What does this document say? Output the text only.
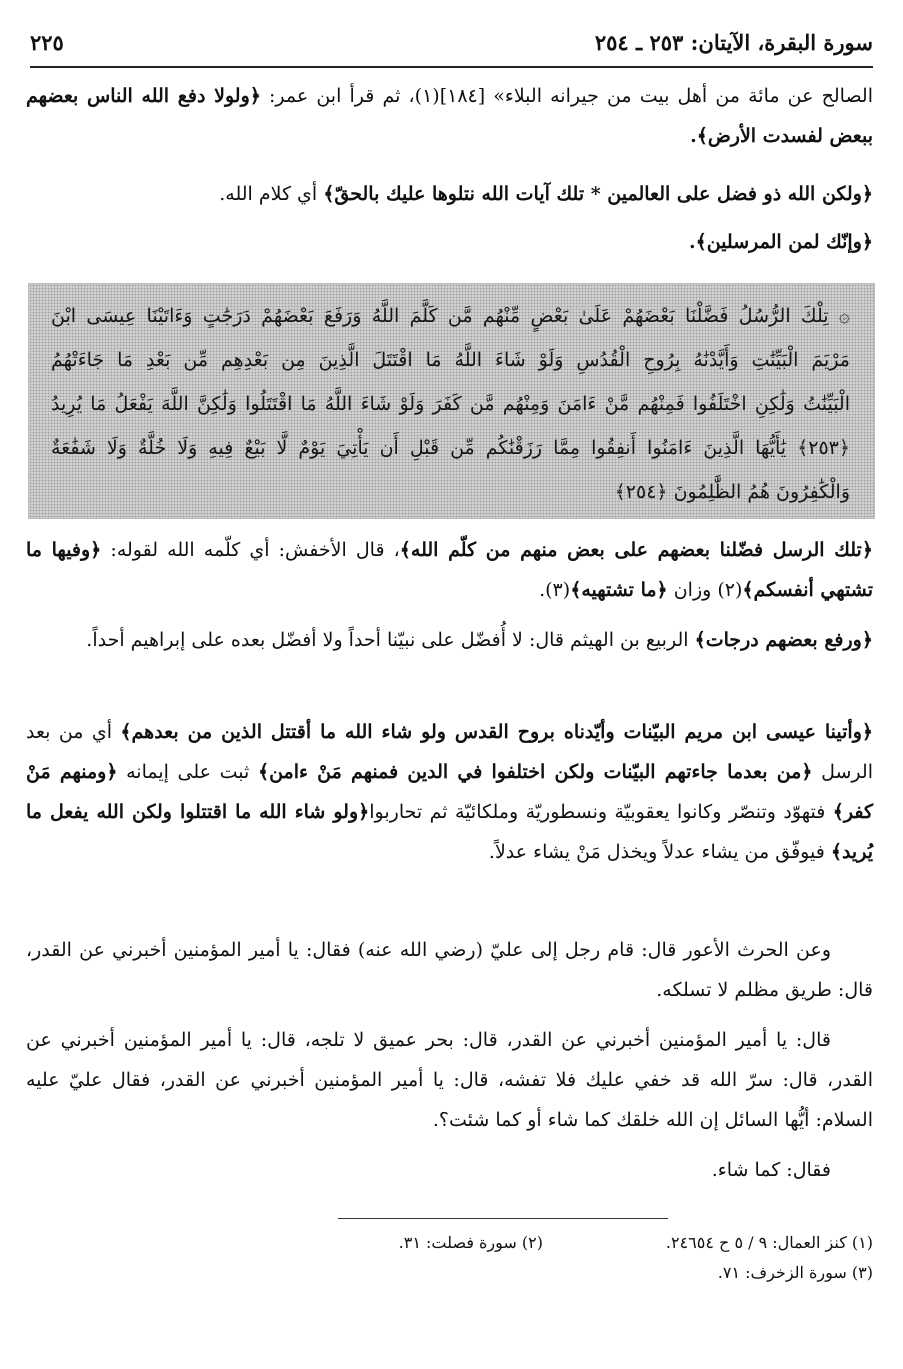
سورة البقرة، الآيتان: ٢٥٣ ـ ٢٥٤
٢٢٥
الصالح عن مائة من أهل بيت من جيرانه البلاء» [١٨٤](١)، ثم قرأ ابن عمر: ﴿ولولا دفع الله الناس بعضهم ببعض لفسدت الأرض﴾.
﴿ولكن الله ذو فضل على العالمين * تلك آيات الله نتلوها عليك بالحقّ﴾ أي كلام الله.
﴿وإنّك لمن المرسلين﴾.
۞ تِلْكَ الرُّسُلُ فَضَّلْنَا بَعْضَهُمْ عَلَىٰ بَعْضٍ مِّنْهُم مَّن كَلَّمَ اللَّهُ وَرَفَعَ بَعْضَهُمْ دَرَجَٰتٍ وَءَاتَيْنَا عِيسَى ابْنَ
مَرْيَمَ الْبَيِّنَٰتِ وَأَيَّدْنَٰهُ بِرُوحِ الْقُدُسِ وَلَوْ شَاءَ اللَّهُ مَا اقْتَتَلَ الَّذِينَ مِن بَعْدِهِم مِّن بَعْدِ مَا جَاءَتْهُمُ
الْبَيِّنَٰتُ وَلَٰكِنِ اخْتَلَفُوا فَمِنْهُم مَّنْ ءَامَنَ وَمِنْهُم مَّن كَفَرَ وَلَوْ شَاءَ اللَّهُ مَا اقْتَتَلُوا وَلَٰكِنَّ اللَّهَ يَفْعَلُ مَا يُرِيدُ
﴿٢٥٣﴾ يَٰأَيُّهَا الَّذِينَ ءَامَنُوا أَنفِقُوا مِمَّا رَزَقْنَٰكُم مِّن قَبْلِ أَن يَأْتِيَ يَوْمٌ لَّا بَيْعٌ فِيهِ وَلَا خُلَّةٌ وَلَا شَفَٰعَةٌ
وَالْكَٰفِرُونَ هُمُ الظَّٰلِمُونَ ﴿٢٥٤﴾
﴿تلك الرسل فضّلنا بعضهم على بعض منهم من كلّم الله﴾، قال الأخفش: أي كلّمه الله لقوله: ﴿وفيها ما تشتهي أنفسكم﴾(٢) وزان ﴿ما تشتهيه﴾(٣).
﴿ورفع بعضهم درجات﴾ الربيع بن الهيثم قال: لا أُفضّل على نبيّنا أحداً ولا أفضّل بعده على إبراهيم أحداً.
﴿وأتينا عيسى ابن مريم البيّنات وأيّدناه بروح القدس ولو شاء الله ما أقتتل الذين من بعدهم﴾ أي من بعد الرسل ﴿من بعدما جاءتهم البيّنات ولكن اختلفوا في الدين فمنهم مَنْ ءامن﴾ ثبت على إيمانه ﴿ومنهم مَنْ كفر﴾ فتهوّد وتنصّر وكانوا يعقوبيّة ونسطوريّة وملكائيّة ثم تحاربوا﴿ولو شاء الله ما اقتتلوا ولكن الله يفعل ما يُريد﴾ فيوفّق من يشاء عدلاً ويخذل مَنْ يشاء عدلاً.
وعن الحرث الأعور قال: قام رجل إلى عليّ (رضي الله عنه) فقال: يا أمير المؤمنين أخبرني عن القدر، قال: طريق مظلم لا تسلكه.
قال: يا أمير المؤمنين أخبرني عن القدر، قال: بحر عميق لا تلجه، قال: يا أمير المؤمنين أخبرني عن القدر، قال: سرّ الله قد خفي عليك فلا تفشه، قال: يا أمير المؤمنين أخبرني عن القدر، فقال عليّ عليه السلام: أيُّها السائل إن الله خلقك كما شاء أو كما شئت؟.
فقال: كما شاء.
(١) كنز العمال: ٩ / ٥ ح ٢٤٦٥٤.
(٢) سورة فصلت: ٣١.
(٣) سورة الزخرف: ٧١.
